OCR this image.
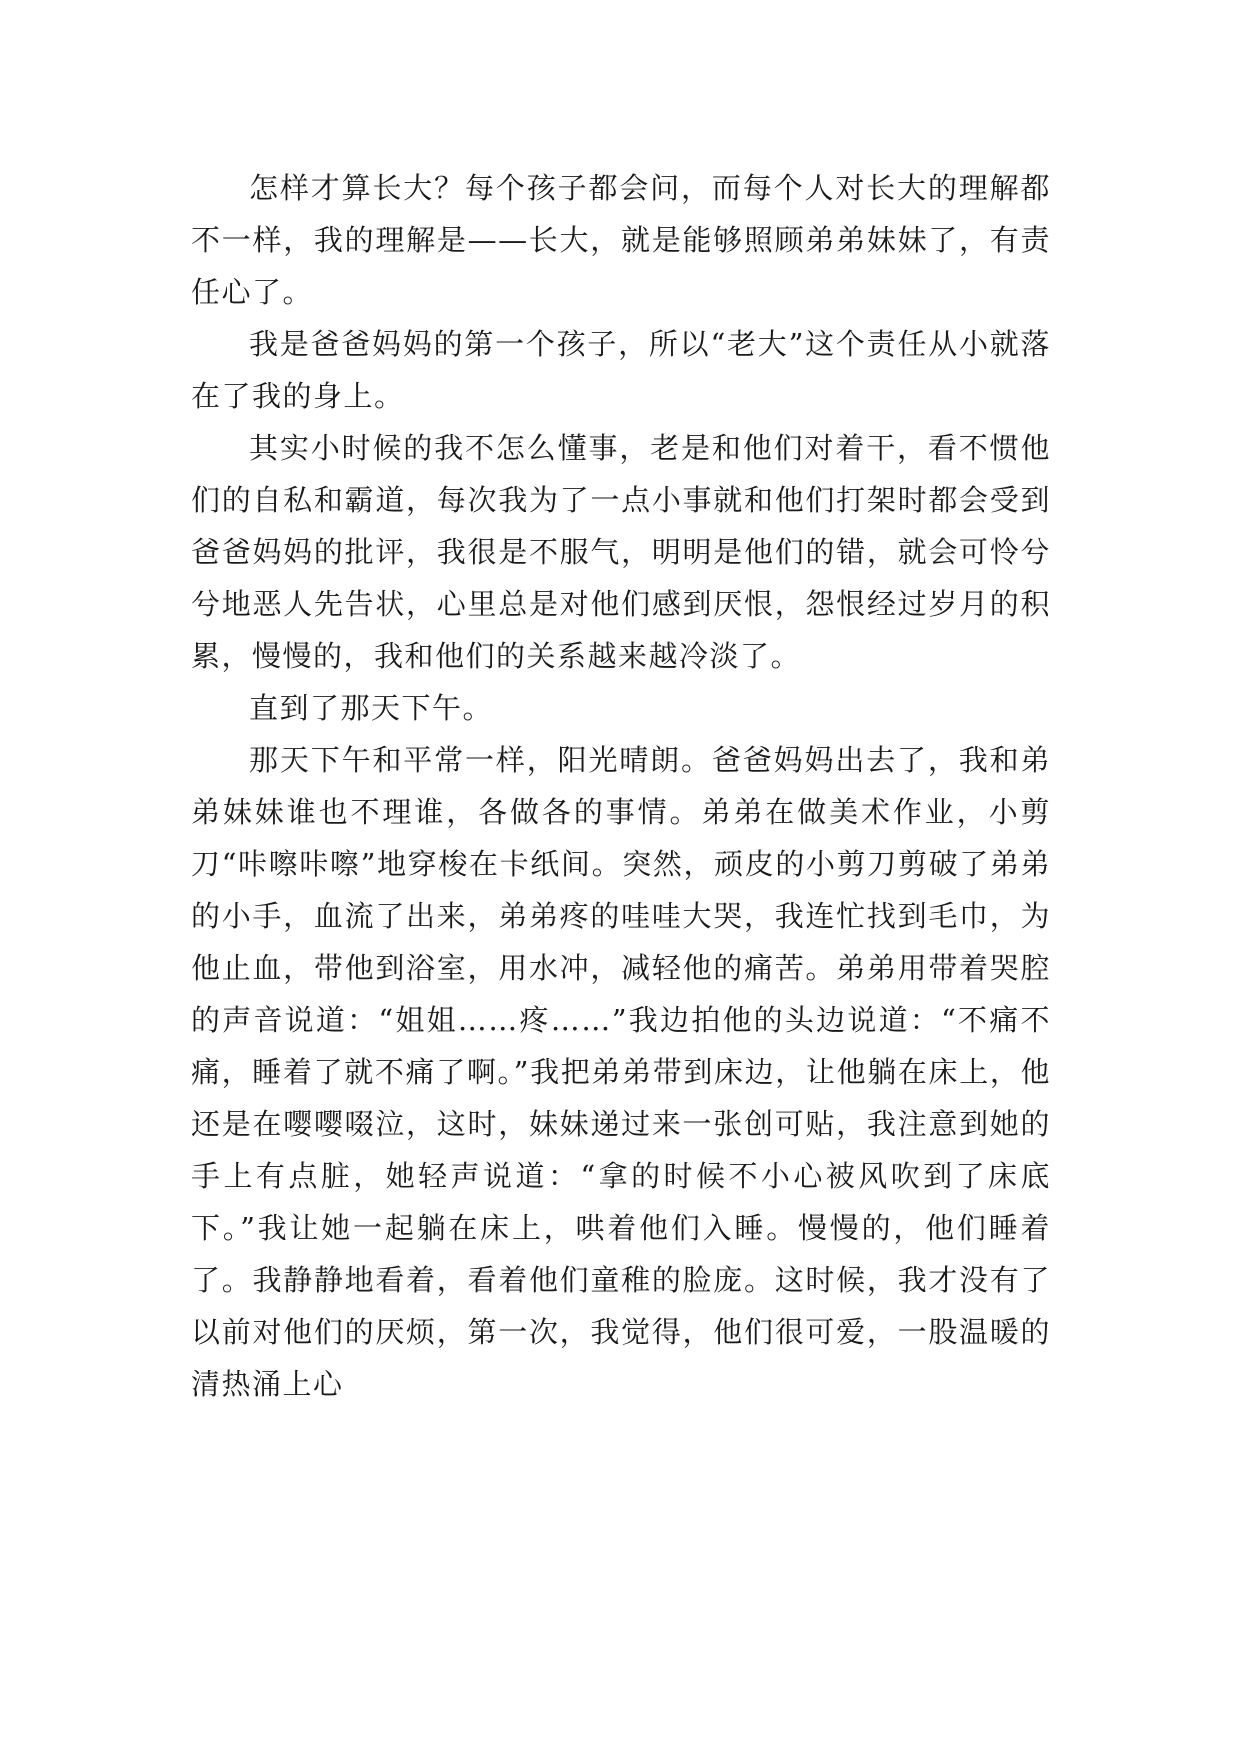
怎样才算长大？每个孩子都会问，而每个人对长大的理解都不一样，我的理解是——长大，就是能够照顾弟弟妹妹了，有责任心了。

我是爸爸妈妈的第一个孩子，所以“老大”这个责任从小就落在了我的身上。

其实小时候的我不怎么懂事，老是和他们对着干，看不惯他们的自私和霸道，每次我为了一点小事就和他们打架时都会受到爸爸妈妈的批评，我很是不服气，明明是他们的错，就会可怜兮兮地恶人先告状，心里总是对他们感到厌恨，怨恨经过岁月的积累，慢慢的，我和他们的关系越来越冷淡了。

直到了那天下午。

那天下午和平常一样，阳光晴朗。爸爸妈妈出去了，我和弟弟妹妹谁也不理谁，各做各的事情。弟弟在做美术作业，小剪刀“咔嚓咔嚓”地穿梭在卡纸间。突然，顽皮的小剪刀剪破了弟弟的小手，血流了出来，弟弟疼的哇哇大哭，我连忙找到毛巾，为他止血，带他到浴室，用水冲，减轻他的痛苦。弟弟用带着哭腔的声音说道：“姐姐……疼……”我边拍他的头边说道：“不痛不痛，睡着了就不痛了啊。”我把弟弟带到床边，让他躺在床上，他还是在嘤嘤啜泣，这时，妹妹递过来一张创可贴，我注意到她的手上有点脏，她轻声说道：“拿的时候不小心被风吹到了床底下。”我让她一起躺在床上，哄着他们入睡。慢慢的，他们睡着了。我静静地看着，看着他们童稚的脸庞。这时候，我才没有了以前对他们的厌烦，第一次，我觉得，他们很可爱，一股温暖的清热涌上心
